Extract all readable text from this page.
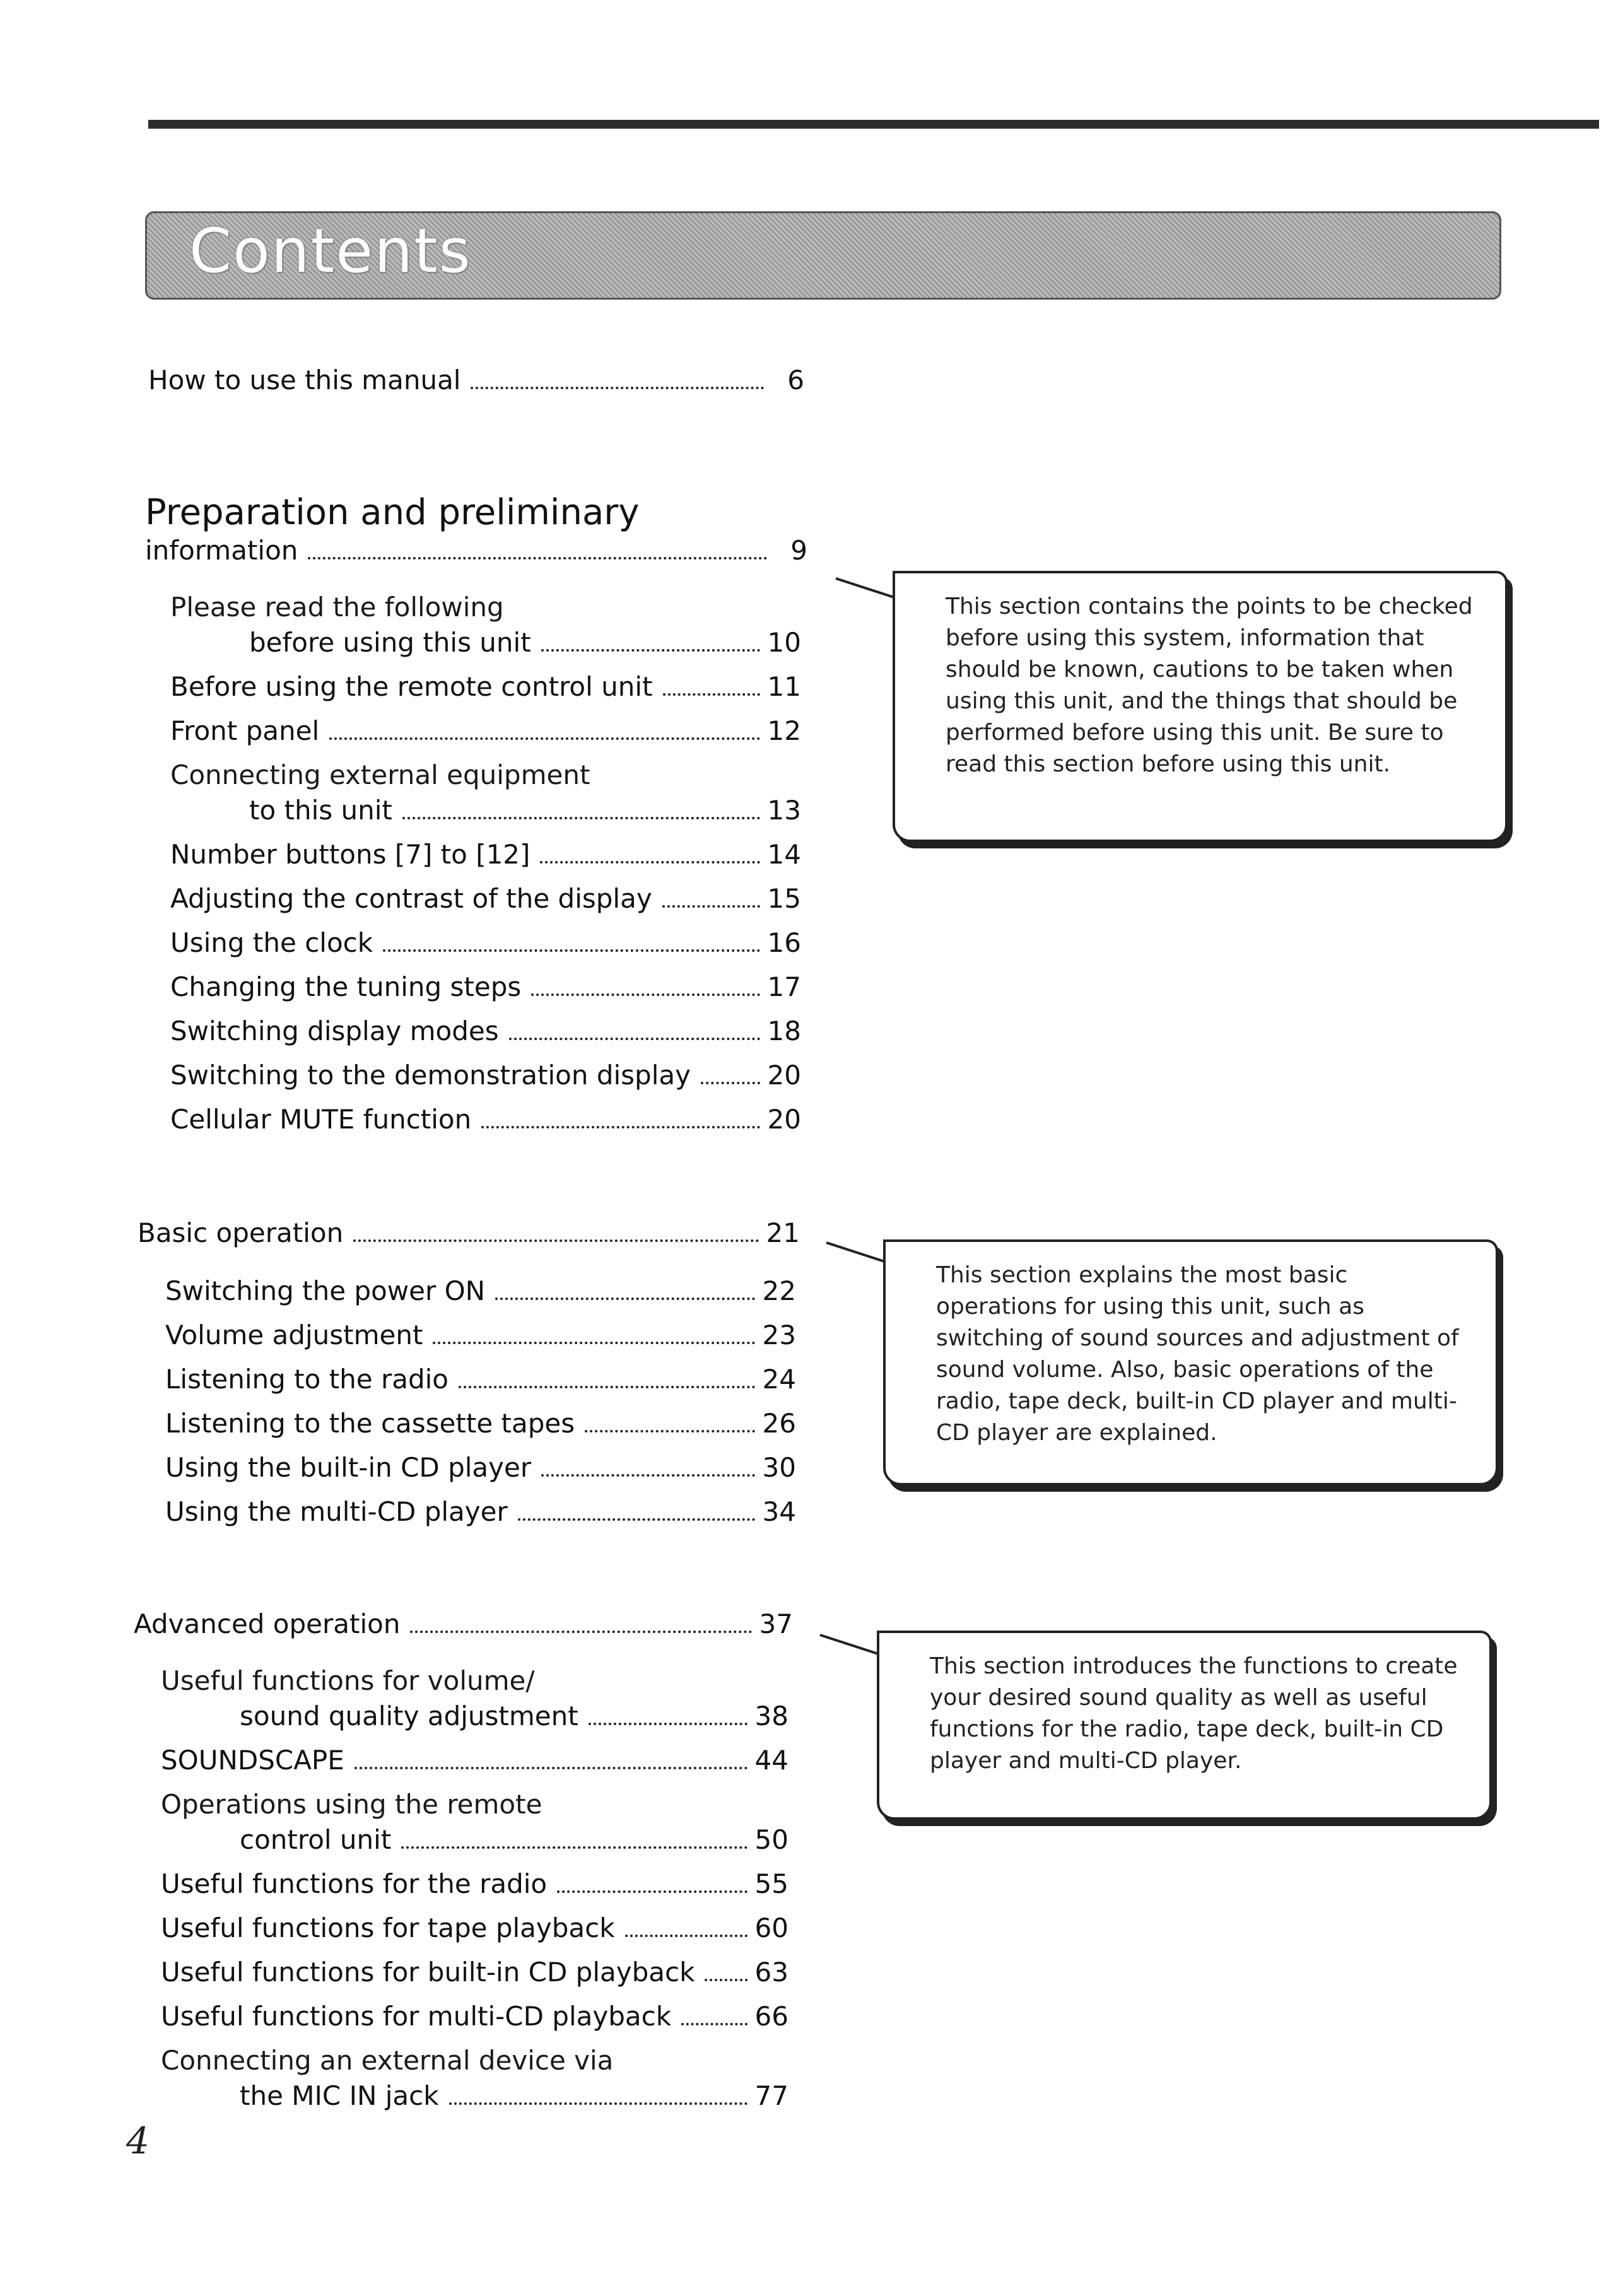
Contents
How to use this manual	6
Preparation and preliminary
information	9
Please read the following
before using this unit	10
Before using the remote control unit	11
Front panel	12
Connecting external equipment
to this unit	13
Number buttons [7] to [12]	14
Adjusting the contrast of the display	15
Using the clock	16
Changing the tuning steps	17
Switching display modes	18
Switching to the demonstration display	20
Cellular MUTE function	20
This section contains the points to be checked before using this system, information that should be known, cautions to be taken when using this unit, and the things that should be performed before using this unit. Be sure to read this section before using this unit.
Basic operation	21
Switching the power ON	22
Volume adjustment	23
Listening to the radio	24
Listening to the cassette tapes	26
Using the built-in CD player	30
Using the multi-CD player	34
This section explains the most basic operations for using this unit, such as switching of sound sources and adjustment of sound volume. Also, basic operations of the radio, tape deck, built-in CD player and multi-CD player are explained.
Advanced operation	37
Useful functions for volume/
sound quality adjustment	38
SOUNDSCAPE	44
Operations using the remote
control unit	50
Useful functions for the radio	55
Useful functions for tape playback	60
Useful functions for built-in CD playback 63
Useful functions for multi-CD playback	66
Connecting an external device via
the MIC IN jack	77
This section introduces the functions to create your desired sound quality as well as useful functions for the radio, tape deck, built-in CD player and multi-CD player.
4
